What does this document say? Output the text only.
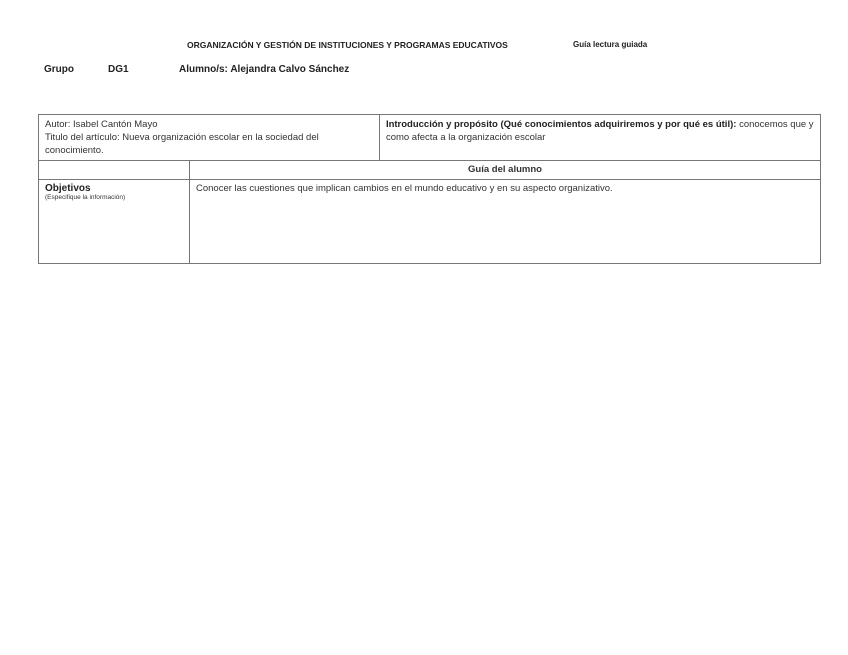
ORGANIZACIÓN Y GESTIÓN DE INSTITUCIONES Y PROGRAMAS EDUCATIVOS	Guía lectura guiada
Grupo	DG1	Alumno/s: Alejandra Calvo Sánchez
Autor: Isabel Cantón Mayo
Titulo del artículo: Nueva organización escolar en la sociedad del conocimiento.		Introducción y propósito (Qué conocimientos adquiriremos y por qué es útil): conocemos que y como afecta a la organización escolar
	Guía del alumno	

Objetivos
(Especifique la información)	Conocer las cuestiones que implican cambios en el mundo educativo y en su aspecto organizativo.	
